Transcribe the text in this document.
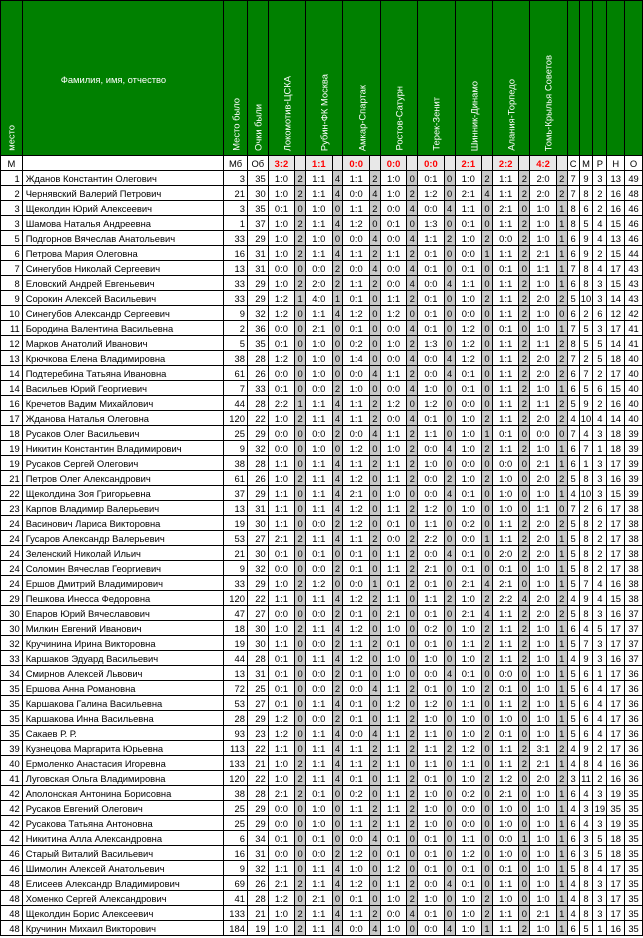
место	Фамилия, имя, отчество	Место было	Очки были	Локомотив-ЦСКА		Рубин-ФК Москва		Амкар-Спартак		Ростов-Сатурн		Терек-Зенит		Шинник-Динамо		Алания-Торпедо		Томь-Крылья Советов						

М		Мб	Об	3:2		1:1		0:0		0:0		0:0		2:1		2:2		4:2		С	М	Р	Н	О
1	Жданов Константин Олегович	3	35	1:0	2	1:1	4	1:1	2	1:0	0	0:1	0	1:0	2	1:1	2	2:0	2	7	9	3	13	49
2	Чернявский Валерий Петрович	21	30	1:0	2	1:1	4	0:0	4	1:0	2	1:2	0	2:1	4	1:1	2	2:0	2	7	8	2	16	48
3	Щеколдин Юрий Алексеевич	3	35	0:1	0	1:0	0	1:1	2	0:0	4	0:0	4	1:1	0	2:1	0	1:0	1	8	6	2	16	46
3	Шамова Наталья Андреевна	1	37	1:0	2	1:1	4	1:2	0	0:1	0	1:3	0	0:1	0	1:1	2	1:0	1	8	5	4	15	46
5	Подгорнов Вячеслав Анатольевич	33	29	1:0	2	1:0	0	0:0	4	0:0	4	1:1	2	1:0	2	0:0	2	1:0	1	6	9	4	13	46
6	Петрова Мария Олеговна	16	31	1:0	2	1:1	4	1:1	2	1:1	2	0:1	0	0:0	1	1:1	2	2:1	1	6	9	2	15	44
7	Синегубов Николай Сергеевич	13	31	0:0	0	0:0	2	0:0	4	0:0	4	0:1	0	0:1	0	0:1	0	1:1	1	7	8	4	17	43
8	Еловский Андрей Евгеньевич	33	29	1:0	2	2:0	2	1:1	2	0:0	4	0:0	4	1:1	0	1:1	2	1:0	1	6	8	3	15	43
9	Сорокин Алексей Васильевич	33	29	1:2	1	4:0	1	0:1	0	1:1	2	0:1	0	1:0	2	1:1	2	2:0	2	5	10	3	14	43
10	Синегубов Александр Сергеевич	9	32	1:2	0	1:1	4	1:2	0	1:2	0	0:1	0	0:0	0	1:1	2	1:0	0	6	2	6	12	42
11	Бородина Валентина Васильевна	2	36	0:0	0	2:1	0	0:1	0	0:0	4	0:1	0	1:2	0	0:1	0	1:0	1	7	5	3	17	41
12	Марков Анатолий Иванович	5	35	0:1	0	1:0	0	0:2	0	1:0	2	1:3	0	1:2	0	1:1	2	1:1	2	8	5	5	14	41
13	Крючкова Елена Владимировна	38	28	1:2	0	1:0	0	1:4	0	0:0	4	0:0	4	1:2	0	1:1	2	2:0	2	7	2	5	18	40
14	Подтеребина Татьяна Ивановна	61	26	0:0	0	1:0	0	0:0	4	1:1	2	0:0	4	0:1	0	1:1	2	2:0	2	6	7	2	17	40
14	Васильев Юрий Георгиевич	7	33	0:1	0	0:0	2	1:0	0	0:0	4	1:0	0	0:1	0	1:1	2	1:0	1	6	5	6	15	40
16	Кречетов Вадим Михайлович	44	28	2:2	1	1:1	4	1:1	2	1:2	0	1:2	0	0:0	0	1:1	2	1:1	2	5	9	2	16	40
17	Жданова Наталья Олеговна	120	22	1:0	2	1:1	4	1:1	2	0:0	4	0:1	0	1:0	2	1:1	2	2:0	2	4	10	4	14	40
18	Русаков Олег Васильевич	25	29	0:0	0	0:0	2	0:0	4	1:1	2	1:1	0	1:0	1	0:1	0	0:0	0	7	4	3	18	39
19	Никитин Константин Владимирович	9	32	0:0	0	1:0	0	1:2	0	1:0	2	0:0	4	1:0	2	1:1	2	1:0	1	6	7	1	18	39
19	Русаков Сергей Олегович	38	28	1:1	0	1:1	4	1:1	2	1:1	2	1:0	0	0:0	0	0:0	0	2:1	1	6	1	3	17	39
21	Петров Олег Александрович	61	26	1:0	2	1:1	4	1:2	0	1:1	2	0:0	2	1:0	2	1:0	0	2:0	2	5	8	3	16	39
22	Щеколдина Зоя Григорьевна	37	29	1:1	0	1:1	4	2:1	0	1:0	0	0:0	4	0:1	0	1:0	0	1:0	1	4	10	3	15	39
23	Карпов Владимир Валерьевич	13	31	1:1	0	1:1	4	1:2	0	1:1	2	1:2	0	1:0	0	1:0	0	1:1	0	7	2	6	17	38
24	Васинович Лариса Викторовна	19	30	1:1	0	0:0	2	1:2	0	0:1	0	1:1	0	0:2	0	1:1	2	2:0	2	5	8	2	17	38
24	Гусаров Александр Валерьевич	53	27	2:1	2	1:1	4	1:1	2	0:0	2	2:2	0	0:0	1	1:1	2	2:0	1	5	8	2	17	38
24	Зеленский Николай Ильич	21	30	0:1	0	0:1	0	0:1	0	1:1	2	0:0	4	0:1	0	2:0	2	2:0	1	5	8	2	17	38
24	Соломин Вячеслав Георгиевич	9	32	0:0	0	0:0	2	0:1	0	1:1	2	2:1	0	0:1	0	0:1	0	1:0	1	5	8	2	17	38
24	Ершов Дмитрий Владимирович	33	29	1:0	2	1:2	0	0:0	1	0:1	2	0:1	0	2:1	4	2:1	0	1:0	1	5	7	4	16	38
29	Пешкова Инесса Федоровна	120	22	1:1	0	1:1	4	1:2	2	1:1	0	1:1	2	1:0	2	2:2	4	2:0	2	4	9	4	15	38
30	Епаров Юрий Вячеславович	47	27	0:0	0	0:0	2	0:1	0	2:1	0	0:1	0	2:1	4	1:1	2	2:0	2	5	8	3	16	37
30	Милкин Евгений Иванович	18	30	1:0	2	1:1	4	1:2	0	1:0	0	0:2	0	1:0	2	1:1	2	1:0	1	6	4	5	17	37
32	Кручинина Ирина Викторовна	19	30	1:1	0	0:0	2	1:1	2	0:1	0	0:1	0	1:1	2	1:1	2	1:0	1	5	7	3	17	37
33	Каршаков Эдуард Васильевич	44	28	0:1	0	1:1	4	1:2	0	1:0	0	1:0	0	1:0	2	1:1	2	1:0	1	4	9	3	16	37
34	Смирнов Алексей Львович	13	31	0:1	0	0:0	2	0:1	0	1:0	0	0:0	4	0:1	0	0:0	0	1:0	1	5	6	1	17	36
35	Ершова Анна Романовна	72	25	0:1	0	0:0	2	0:0	4	1:1	2	0:1	0	1:0	2	0:1	0	1:0	1	5	6	4	17	36
35	Каршакова Галина Васильевна	53	27	0:1	0	1:1	4	0:1	0	1:2	0	1:2	0	1:1	0	1:1	2	1:0	1	5	6	4	17	36
35	Каршакова Инна Васильевна	28	29	1:2	0	0:0	2	0:1	0	1:1	2	1:0	0	1:0	0	1:0	0	1:0	1	5	6	4	17	36
35	Сакаев Р. Р.	93	23	1:2	0	1:1	4	0:0	4	1:1	2	1:1	0	1:0	2	0:1	0	1:0	1	5	6	4	17	36
39	Кузнецова Маргарита Юрьевна	113	22	1:1	0	1:1	4	1:1	2	1:1	2	1:1	2	1:2	0	1:1	2	3:1	2	4	9	2	17	36
40	Ермоленко Анастасия Игоревна	133	21	1:0	2	1:1	4	1:1	2	1:1	0	1:1	0	1:1	0	1:1	2	2:1	1	4	8	4	16	36
41	Луговская Ольга Владимировна	120	22	1:0	2	1:1	4	0:1	0	1:1	2	0:1	0	1:0	2	1:2	0	2:0	2	3	11	2	16	36
42	Аполонская Антонина Борисовна	38	28	2:1	2	0:1	0	0:2	0	1:1	2	1:0	0	0:2	0	2:1	0	1:0	1	6	4	3	19	35
42	Русаков Евгений Олегович	25	29	0:0	0	1:0	0	1:1	2	1:1	2	1:0	0	0:0	0	1:0	0	1:0	1	4	3	19	35	35
42	Русакова Татьяна Антоновна	25	29	0:0	0	1:0	0	1:1	2	1:1	2	1:0	0	0:0	0	1:0	0	1:0	1	6	4	3	19	35
42	Никитина Алла Александровна	6	34	0:1	0	0:1	0	0:0	4	0:1	0	0:1	0	1:1	0	0:0	1	1:0	1	6	3	5	18	35
46	Старый Виталий Васильевич	16	31	0:0	0	0:0	2	1:2	0	0:1	0	0:1	0	1:2	0	1:0	0	1:0	1	6	3	5	18	35
46	Шимолин Алексей Анатольевич	9	32	1:1	0	1:1	4	1:0	0	1:2	0	0:1	0	0:1	0	0:1	0	1:0	1	5	8	4	17	35
48	Елисеев Александр Владимирович	69	26	2:1	2	1:1	4	1:2	0	1:1	2	0:0	4	0:1	0	1:1	0	1:0	1	4	8	3	17	35
48	Хоменко Сергей Александрович	41	28	1:2	0	2:1	0	0:1	0	1:0	2	1:0	0	1:0	2	1:0	0	1:0	1	4	8	3	17	35
48	Щеколдин Борис Алексеевич	133	21	1:0	2	1:1	4	1:1	2	0:0	4	0:1	0	1:0	2	1:1	0	2:1	1	4	8	3	17	35
48	Кручинин Михаил Викторович	184	19	1:0	2	1:1	4	0:0	4	1:0	0	0:0	4	1:0	1	1:1	2	1:0	1	6	5	1	16	35
